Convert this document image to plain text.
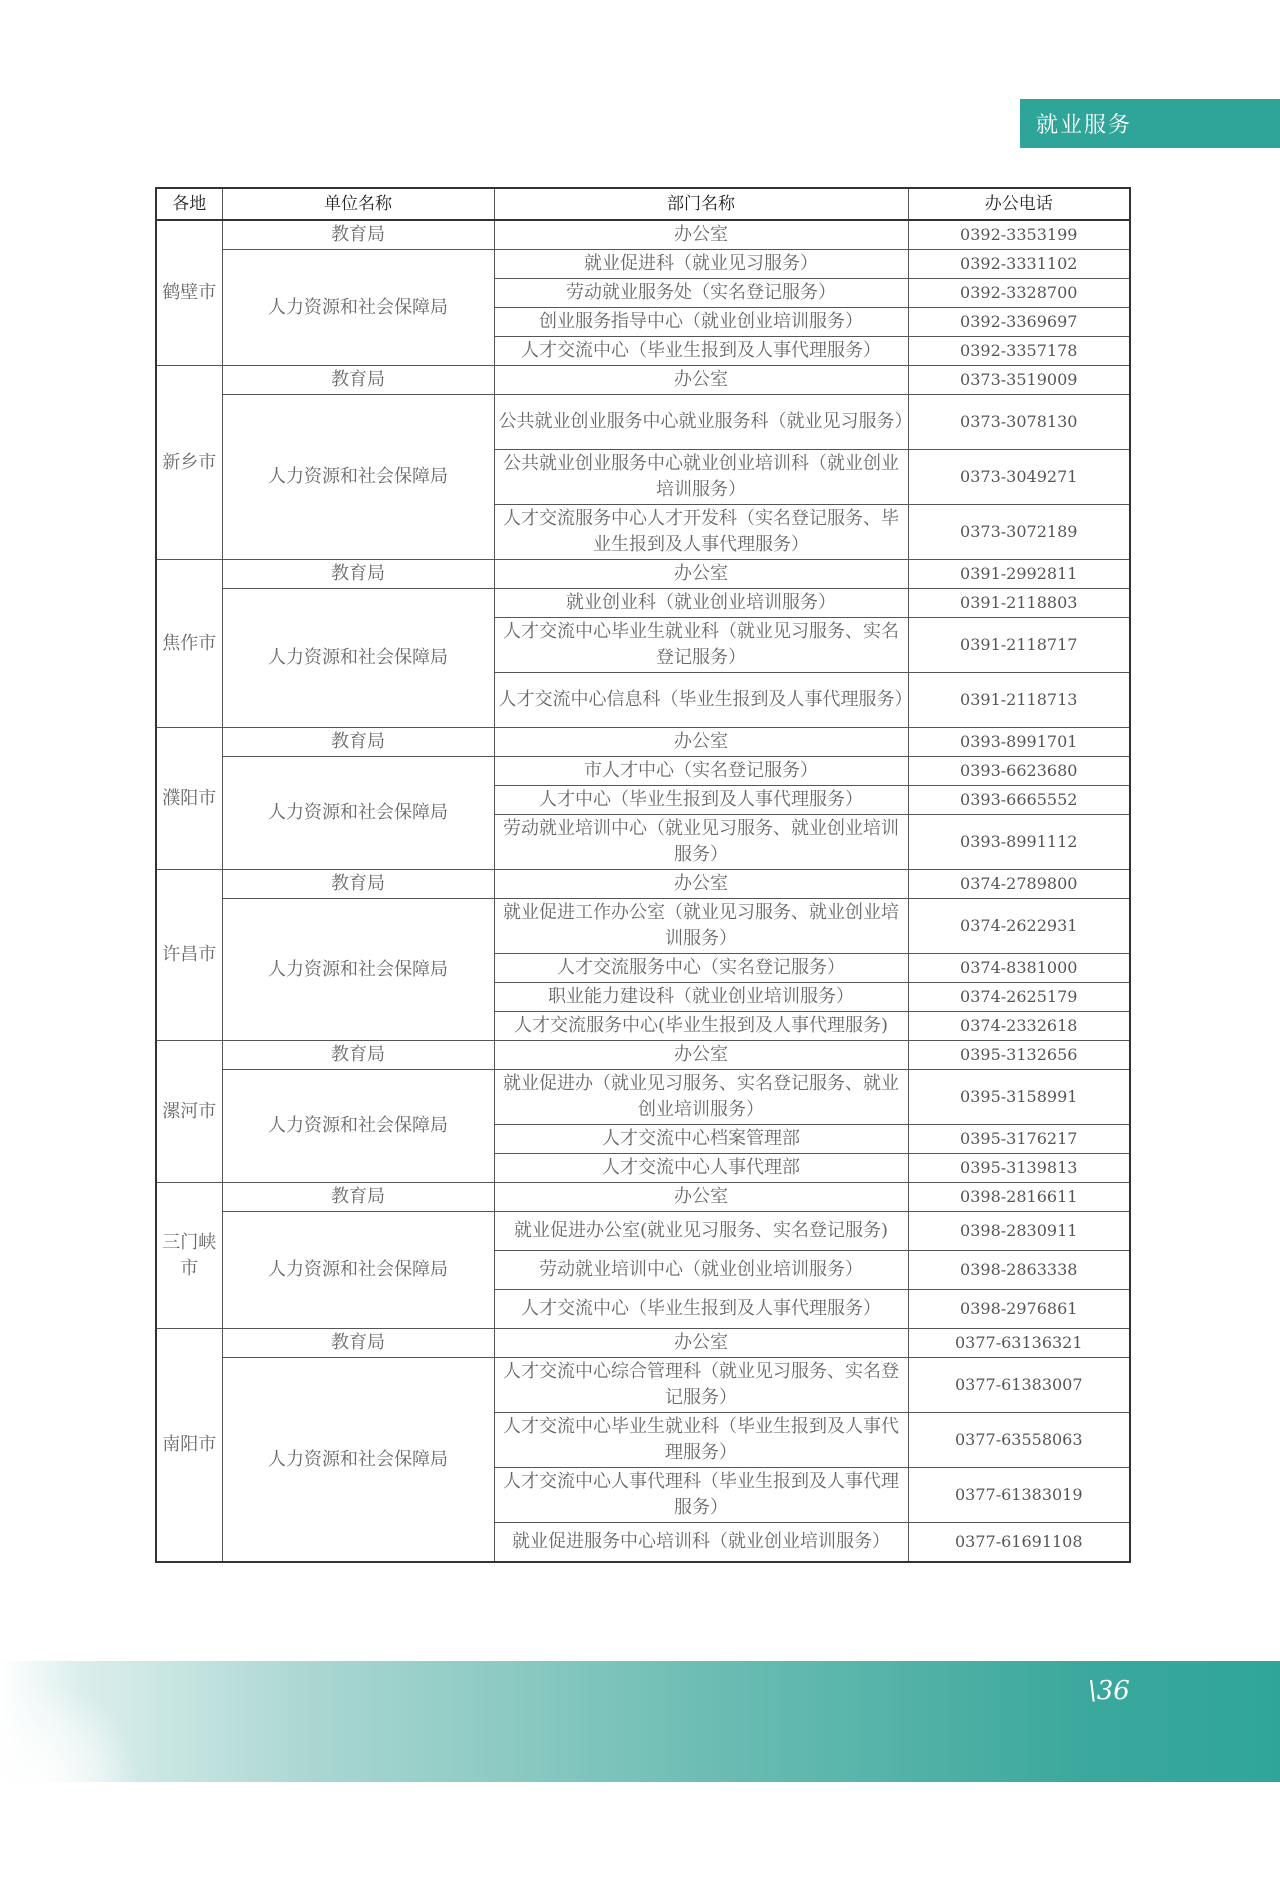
就业服务
各地	单位名称	部门名称	办公电话
鹤壁市	教育局	办公室	0392-3353199
	人力资源和社会保障局	就业促进科（就业见习服务）	0392-3331102
		劳动就业服务处（实名登记服务）	0392-3328700
		创业服务指导中心（就业创业培训服务）	0392-3369697
		人才交流中心（毕业生报到及人事代理服务）	0392-3357178
新乡市	教育局	办公室	0373-3519009
	人力资源和社会保障局	公共就业创业服务中心就业服务科（就业见习服务）	0373-3078130
		公共就业创业服务中心就业创业培训科（就业创业培训服务）	0373-3049271
		人才交流服务中心人才开发科（实名登记服务、毕业生报到及人事代理服务）	0373-3072189
焦作市	教育局	办公室	0391-2992811
	人力资源和社会保障局	就业创业科（就业创业培训服务）	0391-2118803
		人才交流中心毕业生就业科（就业见习服务、实名登记服务）	0391-2118717
		人才交流中心信息科（毕业生报到及人事代理服务）	0391-2118713
濮阳市	教育局	办公室	0393-8991701
	人力资源和社会保障局	市人才中心（实名登记服务）	0393-6623680
		人才中心（毕业生报到及人事代理服务）	0393-6665552
		劳动就业培训中心（就业见习服务、就业创业培训服务）	0393-8991112
许昌市	教育局	办公室	0374-2789800
	人力资源和社会保障局	就业促进工作办公室（就业见习服务、就业创业培训服务）	0374-2622931
		人才交流服务中心（实名登记服务）	0374-8381000
		职业能力建设科（就业创业培训服务）	0374-2625179
		人才交流服务中心(毕业生报到及人事代理服务)	0374-2332618
漯河市	教育局	办公室	0395-3132656
	人力资源和社会保障局	就业促进办（就业见习服务、实名登记服务、就业创业培训服务）	0395-3158991
		人才交流中心档案管理部	0395-3176217
		人才交流中心人事代理部	0395-3139813
三门峡市	教育局	办公室	0398-2816611
	人力资源和社会保障局	就业促进办公室(就业见习服务、实名登记服务)	0398-2830911
		劳动就业培训中心（就业创业培训服务）	0398-2863338
		人才交流中心（毕业生报到及人事代理服务）	0398-2976861
南阳市	教育局	办公室	0377-63136321
	人力资源和社会保障局	人才交流中心综合管理科（就业见习服务、实名登记服务）	0377-61383007
		人才交流中心毕业生就业科（毕业生报到及人事代理服务）	0377-63558063
		人才交流中心人事代理科（毕业生报到及人事代理服务）	0377-61383019
		就业促进服务中心培训科（就业创业培训服务）	0377-61691108
\36
